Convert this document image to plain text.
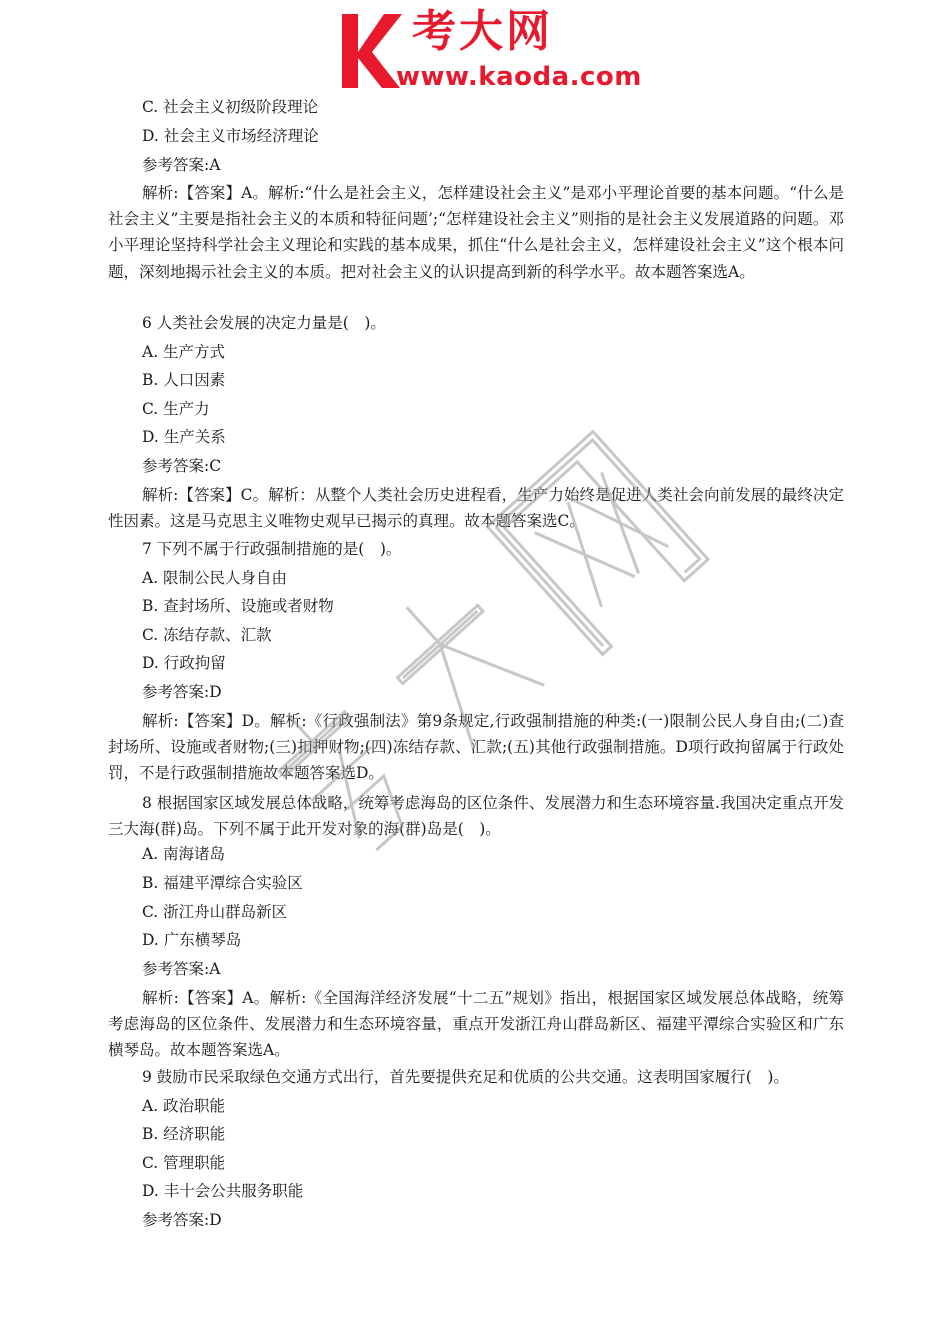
考大网
www.kaoda.com
C. 社会主义初级阶段理论
D. 社会主义市场经济理论
参考答案:A
解析:【答案】A。解析:“什么是社会主义，怎样建设社会主义”是邓小平理论首要的基本问题。“什么是社会主义”主要是指社会主义的本质和特征问题’;“怎样建设社会主义”则指的是社会主义发展道路的问题。邓小平理论坚持科学社会主义理论和实践的基本成果，抓住“什么是社会主义，怎样建设社会主义”这个根本问题，深刻地揭示社会主义的本质。把对社会主义的认识提高到新的科学水平。故本题答案选A。
6 人类社会发展的决定力量是(　)。
A. 生产方式
B. 人口因素
C. 生产力
D. 生产关系
参考答案:C
解析:【答案】C。解析：从整个人类社会历史进程看，生产力始终是促进人类社会向前发展的最终决定性因素。这是马克思主义唯物史观早已揭示的真理。故本题答案选C。
7 下列不属于行政强制措施的是(　)。
A. 限制公民人身自由
B. 查封场所、设施或者财物
C. 冻结存款、汇款
D. 行政拘留
参考答案:D
解析:【答案】D。解析:《行政强制法》第9条规定,行政强制措施的种类:(一)限制公民人身自由;(二)查封场所、设施或者财物;(三)扣押财物;(四)冻结存款、汇款;(五)其他行政强制措施。D项行政拘留属于行政处罚，不是行政强制措施故本题答案选D。
8 根据国家区域发展总体战略，统筹考虑海岛的区位条件、发展潜力和生态环境容量.我国决定重点开发三大海(群)岛。下列不属于此开发对象的海(群)岛是(　)。
A. 南海诸岛
B. 福建平潭综合实验区
C. 浙江舟山群岛新区
D. 广东横琴岛
参考答案:A
解析:【答案】A。解析:《全国海洋经济发展“十二五”规划》指出，根据国家区域发展总体战略，统筹考虑海岛的区位条件、发展潜力和生态环境容量，重点开发浙江舟山群岛新区、福建平潭综合实验区和广东横琴岛。故本题答案选A。
9 鼓励市民采取绿色交通方式出行，首先要提供充足和优质的公共交通。这表明国家履行(　)。
A. 政治职能
B. 经济职能
C. 管理职能
D. 丰十会公共服务职能
参考答案:D
